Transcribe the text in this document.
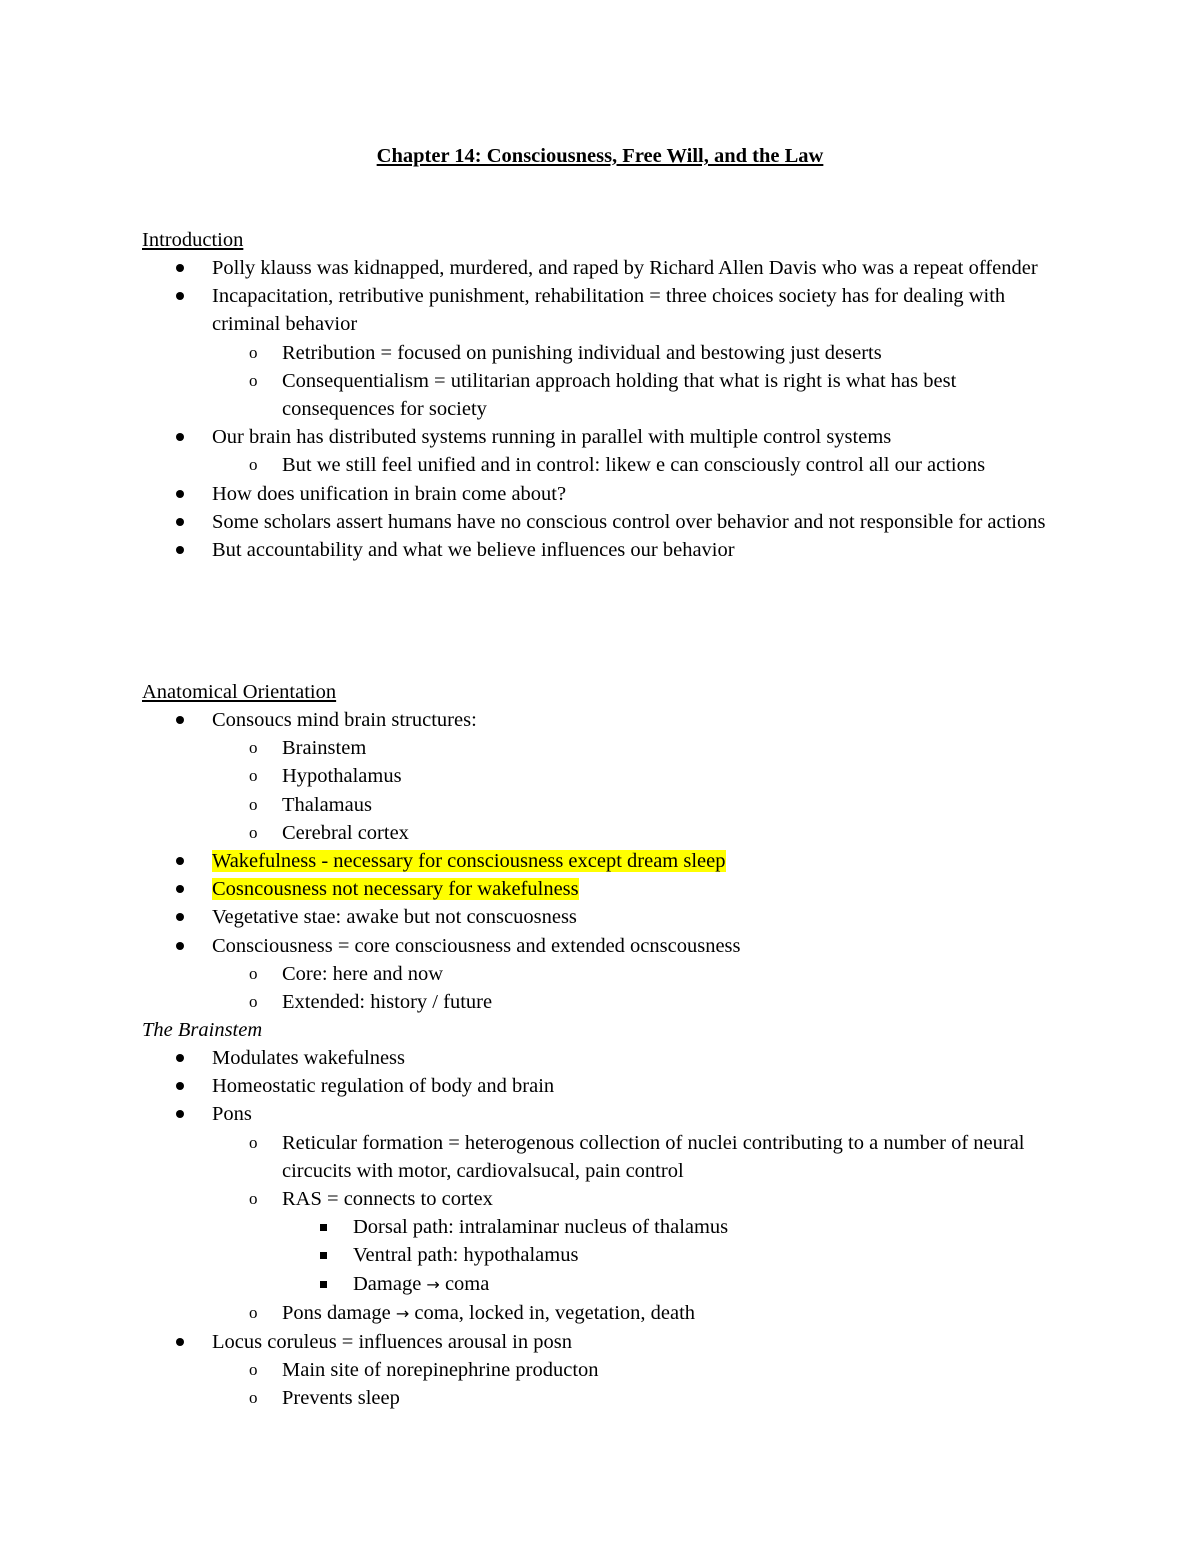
Chapter 14: Consciousness, Free Will, and the Law

Introduction

Polly klauss was kidnapped, murdered, and raped by Richard Allen Davis who was a repeat offender
Incapacitation, retributive punishment, rehabilitation = three choices society has for dealing with criminal behavior
o	Retribution = focused on punishing individual and bestowing just deserts
o	Consequentialism = utilitarian approach holding that what is right is what has best consequences for society
Our brain has distributed systems running in parallel with multiple control systems
o	But we still feel unified and in control: likew e can consciously control all our actions
How does unification in brain come about?
Some scholars assert humans have no conscious control over behavior and not responsible for actions
But accountability and what we believe influences our behavior

Anatomical Orientation

Consoucs mind brain structures:
o	Brainstem
o	Hypothalamus
o	Thalamaus
o	Cerebral cortex
Wakefulness - necessary for consciousness except dream sleep
Cosncousness not necessary for wakefulness
Vegetative stae: awake but not conscuosness
Consciousness = core consciousness and extended ocnscousness
o	Core: here and now
o	Extended: history / future

The Brainstem

Modulates wakefulness
Homeostatic regulation of body and brain
Pons
o	Reticular formation = heterogenous collection of nuclei contributing to a number of neural circucits with motor, cardiovalsucal, pain control
o	RAS = connects to cortex
Dorsal path: intralaminar nucleus of thalamus
Ventral path: hypothalamus
Damage → coma
o	Pons damage → coma, locked in, vegetation, death
Locus coruleus = influences arousal in posn
o	Main site of norepinephrine producton
o	Prevents sleep
